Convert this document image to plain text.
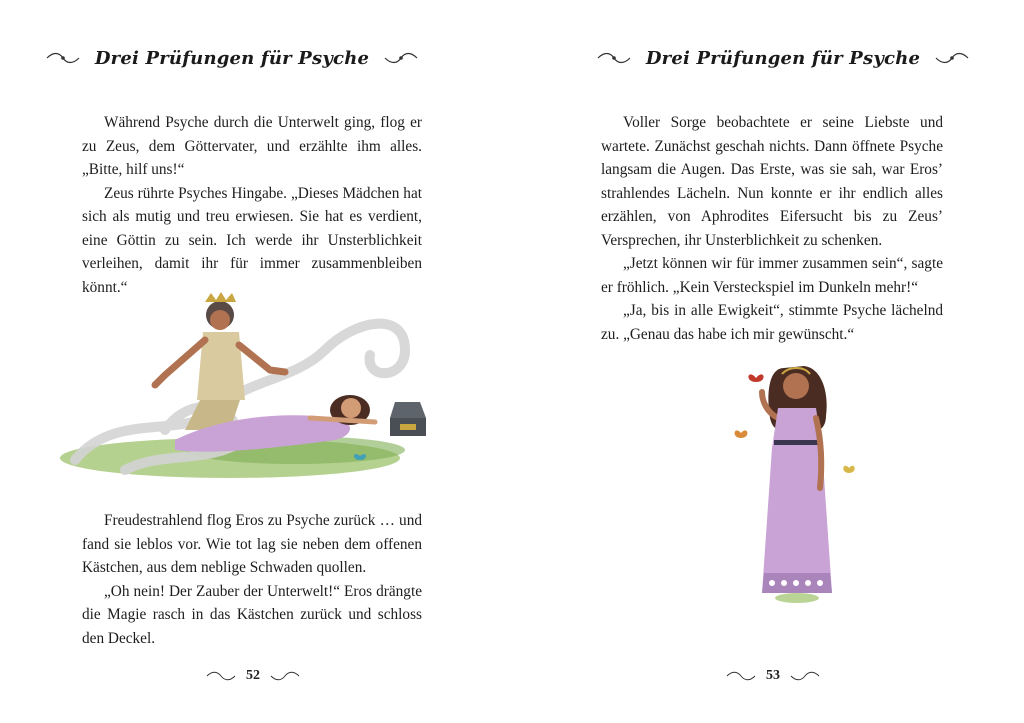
Drei Prüfungen für Psyche

Während Psyche durch die Unterwelt ging, flog er zu Zeus, dem Göttervater, und erzählte ihm alles. „Bitte, hilf uns!“

Zeus rührte Psyches Hingabe. „Dieses Mädchen hat sich als mutig und treu erwiesen. Sie hat es verdient, eine Göttin zu sein. Ich werde ihr Unsterblichkeit verleihen, damit ihr für immer zusammenbleiben könnt.“

Freudestrahlend flog Eros zu Psyche zurück … und fand sie leblos vor. Wie tot lag sie neben dem offenen Kästchen, aus dem neblige Schwaden quollen.

„Oh nein! Der Zauber der Unterwelt!“ Eros drängte die Magie rasch in das Kästchen zurück und schloss den Deckel.

52
Drei Prüfungen für Psyche

Voller Sorge beobachtete er seine Liebste und wartete. Zunächst geschah nichts. Dann öffnete Psyche langsam die Augen. Das Erste, was sie sah, war Eros’ strahlendes Lächeln. Nun konnte er ihr endlich alles erzählen, von Aphrodites Eifersucht bis zu Zeus’ Versprechen, ihr Unsterblichkeit zu schenken.

„Jetzt können wir für immer zusammen sein“, sagte er fröhlich. „Kein Versteckspiel im Dunkeln mehr!“

„Ja, bis in alle Ewigkeit“, stimmte Psyche lächelnd zu. „Genau das habe ich mir gewünscht.“

53
